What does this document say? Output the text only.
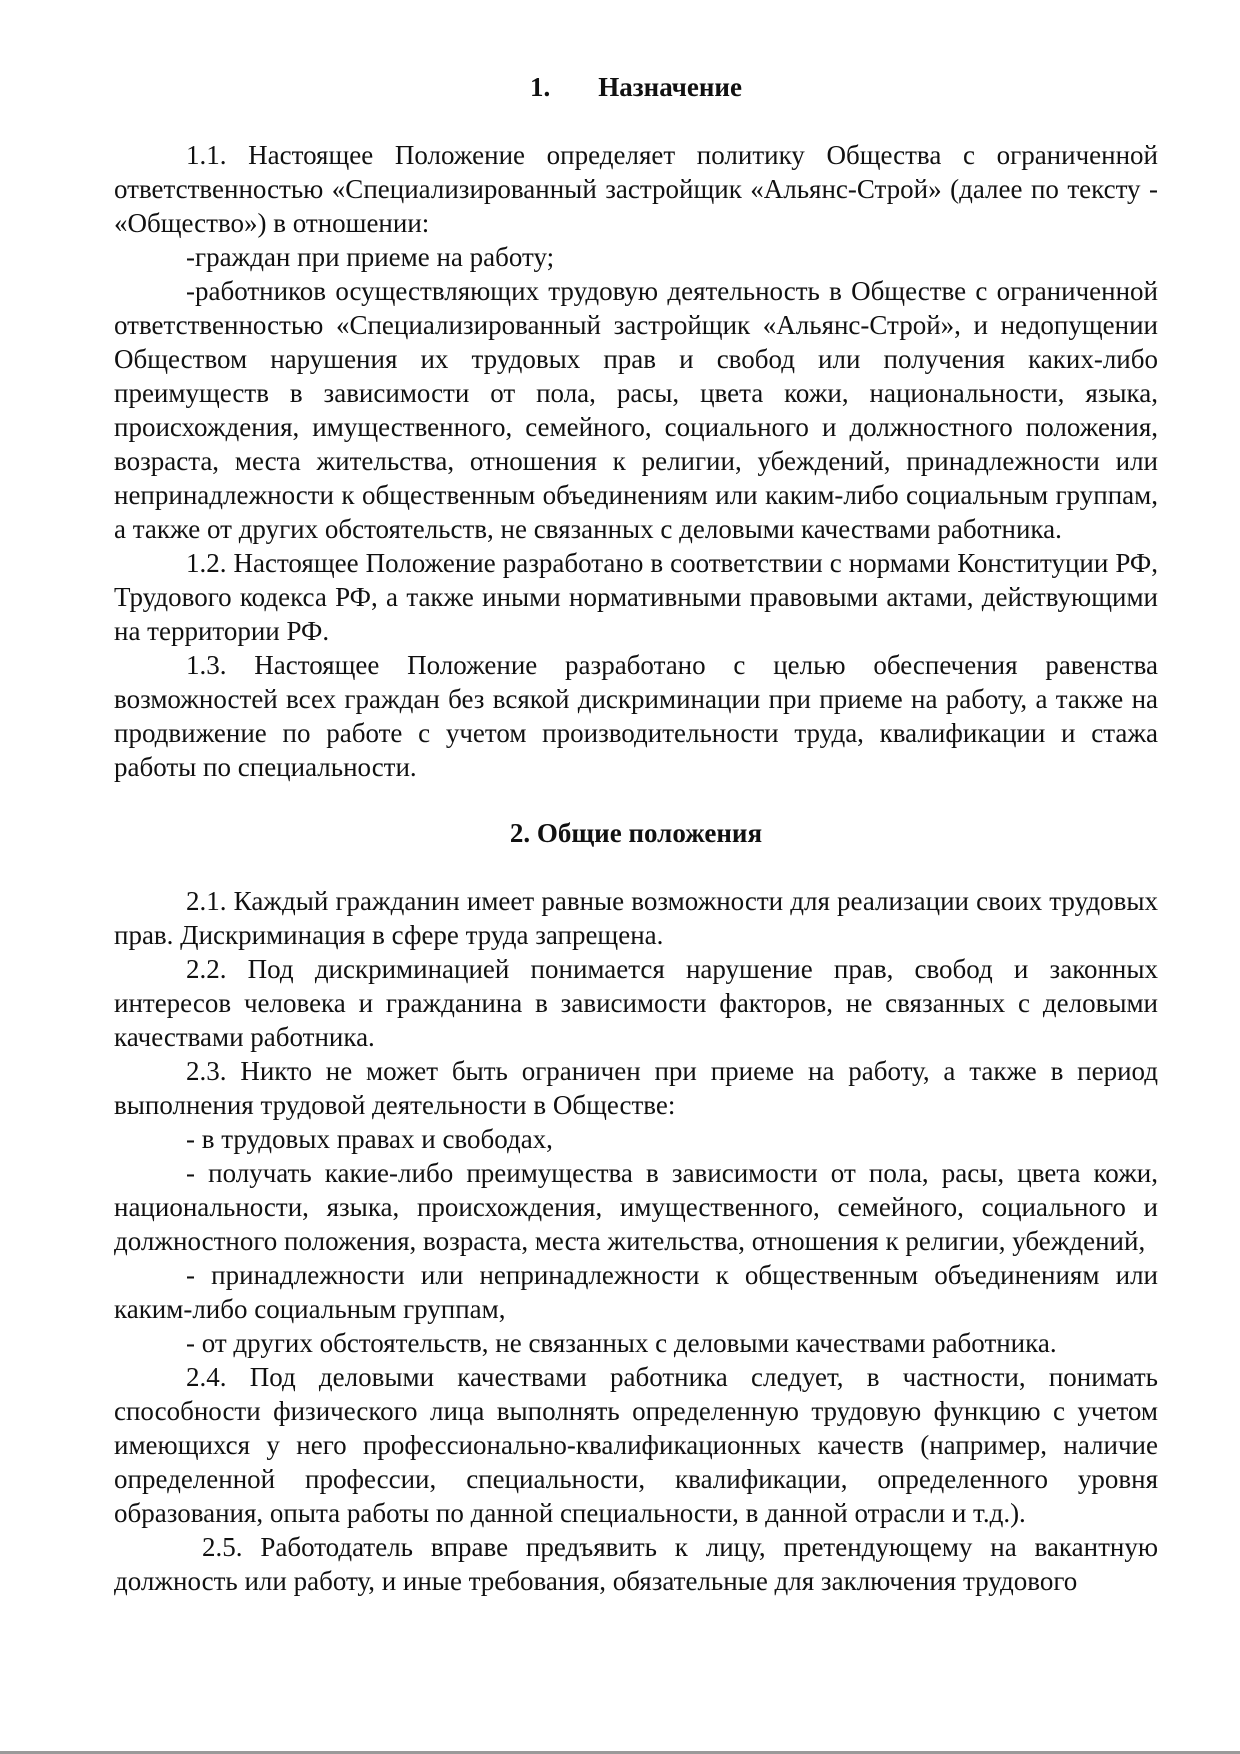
1. Назначение

1.1. Настоящее Положение определяет политику Общества с ограниченной ответственностью «Специализированный застройщик «Альянс-Строй» (далее по тексту - «Общество») в отношении:

-граждан при приеме на работу;

-работников осуществляющих трудовую деятельность в Обществе с ограниченной ответственностью «Специализированный застройщик «Альянс-Строй», и недопущении Обществом нарушения их трудовых прав и свобод или получения каких-либо преимуществ в зависимости от пола, расы, цвета кожи, национальности, языка, происхождения, имущественного, семейного, социального и должностного положения, возраста, места жительства, отношения к религии, убеждений, принадлежности или непринадлежности к общественным объединениям или каким-либо социальным группам, а также от других обстоятельств, не связанных с деловыми качествами работника.

1.2. Настоящее Положение разработано в соответствии с нормами Конституции РФ, Трудового кодекса РФ, а также иными нормативными правовыми актами, действующими на территории РФ.

1.3. Настоящее Положение разработано с целью обеспечения равенства возможностей всех граждан без всякой дискриминации при приеме на работу, а также на продвижение по работе с учетом производительности труда, квалификации и стажа работы по специальности.

2. Общие положения

2.1. Каждый гражданин имеет равные возможности для реализации своих трудовых прав. Дискриминация в сфере труда запрещена.

2.2. Под дискриминацией понимается нарушение прав, свобод и законных интересов человека и гражданина в зависимости факторов, не связанных с деловыми качествами работника.

2.3. Никто не может быть ограничен при приеме на работу, а также в период выполнения трудовой деятельности в Обществе:

- в трудовых правах и свободах,

- получать какие-либо преимущества в зависимости от пола, расы, цвета кожи, национальности, языка, происхождения, имущественного, семейного, социального и должностного положения, возраста, места жительства, отношения к религии, убеждений,

- принадлежности или непринадлежности к общественным объединениям или каким-либо социальным группам,

- от других обстоятельств, не связанных с деловыми качествами работника.

2.4. Под деловыми качествами работника следует, в частности, понимать способности физического лица выполнять определенную трудовую функцию с учетом имеющихся у него профессионально-квалификационных качеств (например, наличие определенной профессии, специальности, квалификации, определенного уровня образования, опыта работы по данной специальности, в данной отрасли и т.д.).

2.5. Работодатель вправе предъявить к лицу, претендующему на вакантную должность или работу, и иные требования, обязательные для заключения трудового
